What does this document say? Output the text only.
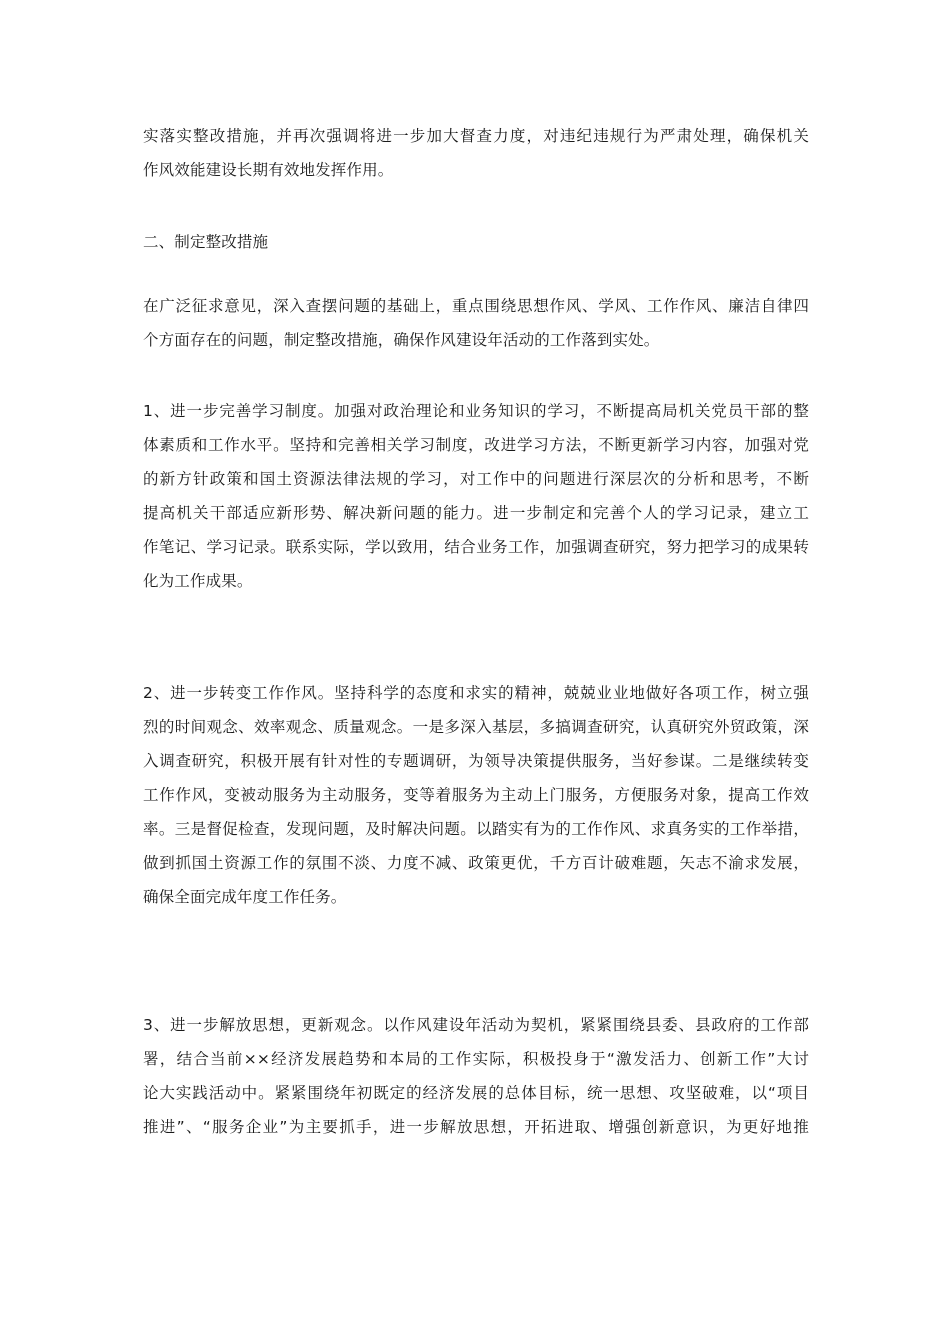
实落实整改措施，并再次强调将进一步加大督查力度，对违纪违规行为严肃处理，确保机关
作风效能建设长期有效地发挥作用。
二、制定整改措施
在广泛征求意见，深入查摆问题的基础上，重点围绕思想作风、学风、工作作风、廉洁自律四
个方面存在的问题，制定整改措施，确保作风建设年活动的工作落到实处。
1、进一步完善学习制度。加强对政治理论和业务知识的学习，不断提高局机关党员干部的整
体素质和工作水平。坚持和完善相关学习制度，改进学习方法，不断更新学习内容，加强对党
的新方针政策和国土资源法律法规的学习，对工作中的问题进行深层次的分析和思考，不断
提高机关干部适应新形势、解决新问题的能力。进一步制定和完善个人的学习记录，建立工
作笔记、学习记录。联系实际，学以致用，结合业务工作，加强调查研究，努力把学习的成果转
化为工作成果。
2、进一步转变工作作风。坚持科学的态度和求实的精神，兢兢业业地做好各项工作，树立强
烈的时间观念、效率观念、质量观念。一是多深入基层，多搞调查研究，认真研究外贸政策，深
入调查研究，积极开展有针对性的专题调研，为领导决策提供服务，当好参谋。二是继续转变
工作作风，变被动服务为主动服务，变等着服务为主动上门服务，方便服务对象，提高工作效
率。三是督促检查，发现问题，及时解决问题。以踏实有为的工作作风、求真务实的工作举措，
做到抓国土资源工作的氛围不淡、力度不减、政策更优，千方百计破难题，矢志不渝求发展，
确保全面完成年度工作任务。
3、进一步解放思想，更新观念。以作风建设年活动为契机，紧紧围绕县委、县政府的工作部
署，结合当前××经济发展趋势和本局的工作实际，积极投身于“激发活力、创新工作”大讨
论大实践活动中。紧紧围绕年初既定的经济发展的总体目标，统一思想、攻坚破难，以“项目
推进”、“服务企业”为主要抓手，进一步解放思想，开拓进取、增强创新意识，为更好地推
